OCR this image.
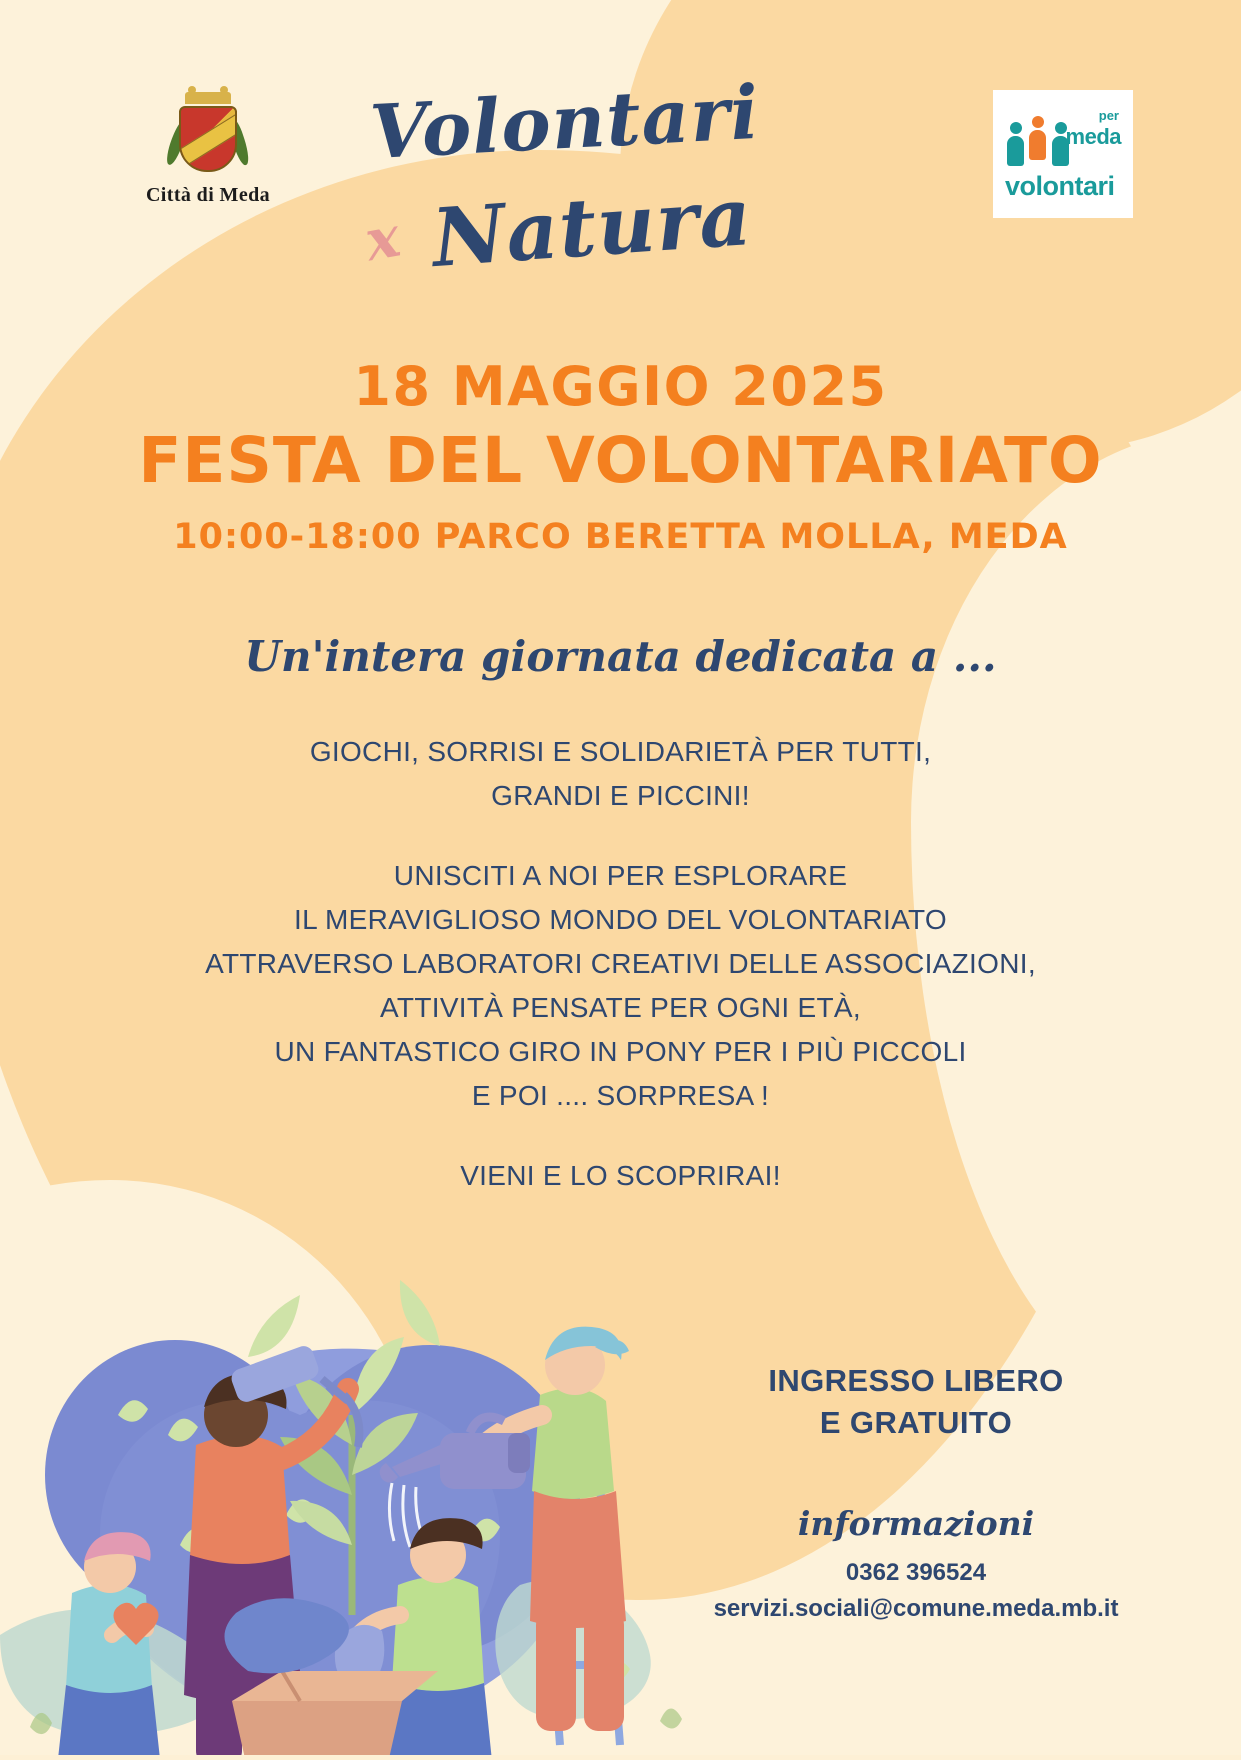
Città di Meda
Volontari
x Natura
per
meda
volontari
18 MAGGIO 2025
FESTA DEL VOLONTARIATO
10:00-18:00 PARCO BERETTA MOLLA, MEDA
Un'intera giornata dedicata a ...
GIOCHI, SORRISI E SOLIDARIETÀ PER TUTTI,
GRANDI E PICCINI!
UNISCITI A NOI PER ESPLORARE
IL MERAVIGLIOSO MONDO DEL VOLONTARIATO
ATTRAVERSO LABORATORI CREATIVI DELLE ASSOCIAZIONI,
ATTIVITÀ PENSATE PER OGNI ETÀ,
UN FANTASTICO GIRO IN PONY PER I PIÙ PICCOLI
E POI .... SORPRESA !
VIENI E LO SCOPRIRAI!
INGRESSO LIBERO
E GRATUITO
informazioni
0362 396524
servizi.sociali@comune.meda.mb.it
